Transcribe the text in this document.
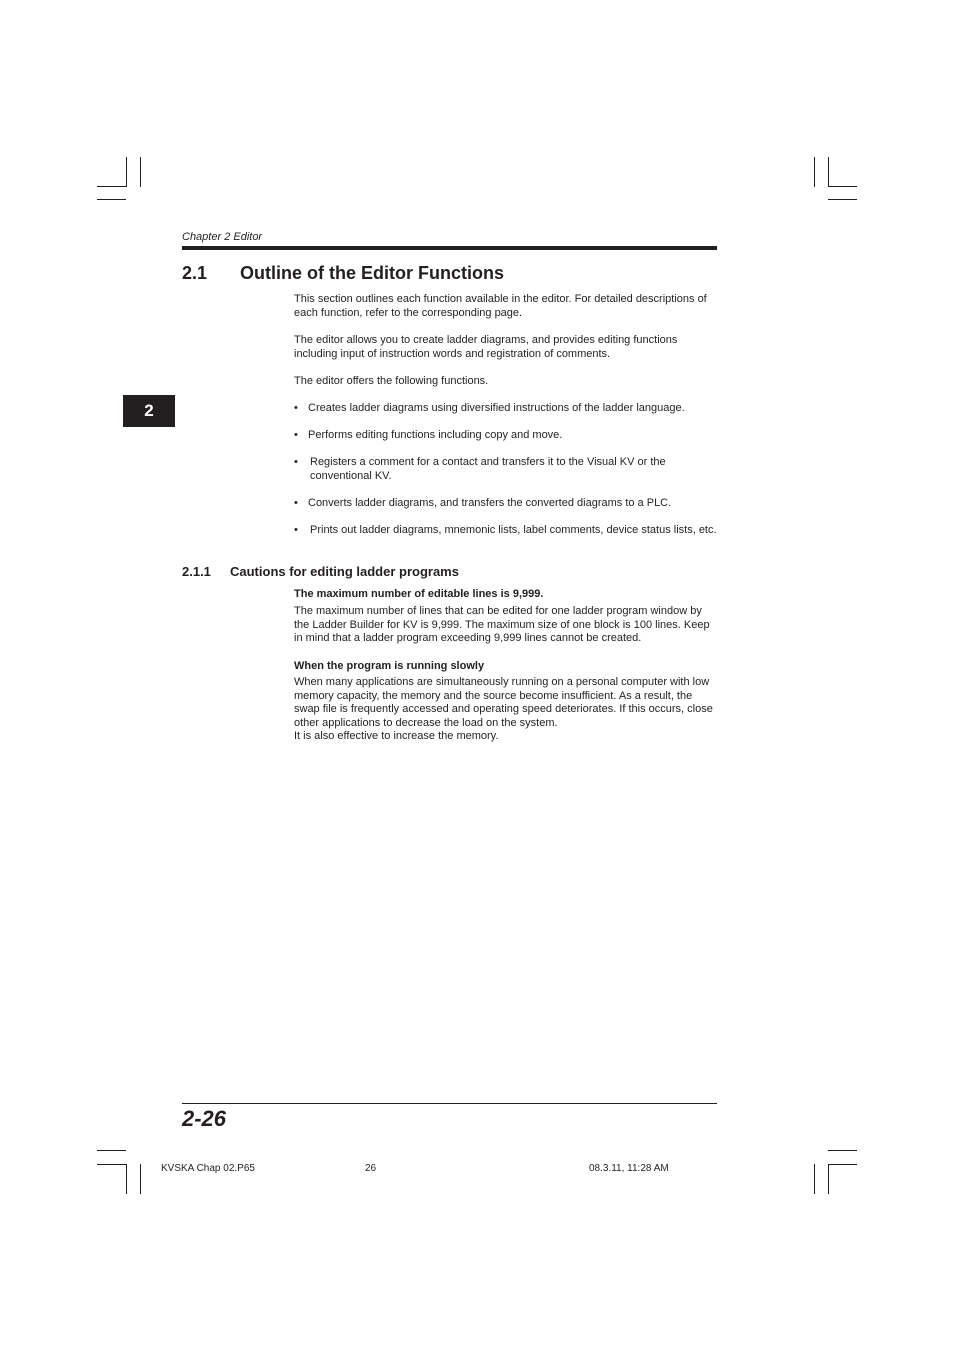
Chapter 2 Editor
2
2.1 Outline of the Editor Functions

This section outlines each function available in the editor. For detailed descriptions of each function, refer to the corresponding page.

The editor allows you to create ladder diagrams, and provides editing functions including input of instruction words and registration of comments.

The editor offers the following functions.

• Creates ladder diagrams using diversified instructions of the ladder language.
• Performs editing functions including copy and move.
•	Registers a comment for a contact and transfers it to the Visual KV or the conventional KV.
• Converts ladder diagrams, and transfers the converted diagrams to a PLC.
•	Prints out ladder diagrams, mnemonic lists, label comments, device status lists, etc.
2.1.1 Cautions for editing ladder programs
The maximum number of editable lines is 9,999.

The maximum number of lines that can be edited for one ladder program window by the Ladder Builder for KV is 9,999. The maximum size of one block is 100 lines. Keep in mind that a ladder program exceeding 9,999 lines cannot be created.

When the program is running slowly

When many applications are simultaneously running on a personal computer with low memory capacity, the memory and the source become insufficient. As a result, the swap file is frequently accessed and operating speed deteriorates. If this occurs, close other applications to decrease the load on the system.

It is also effective to increase the memory.

2-26
KVSKA Chap 02.P65	26	08.3.11, 11:28 AM
